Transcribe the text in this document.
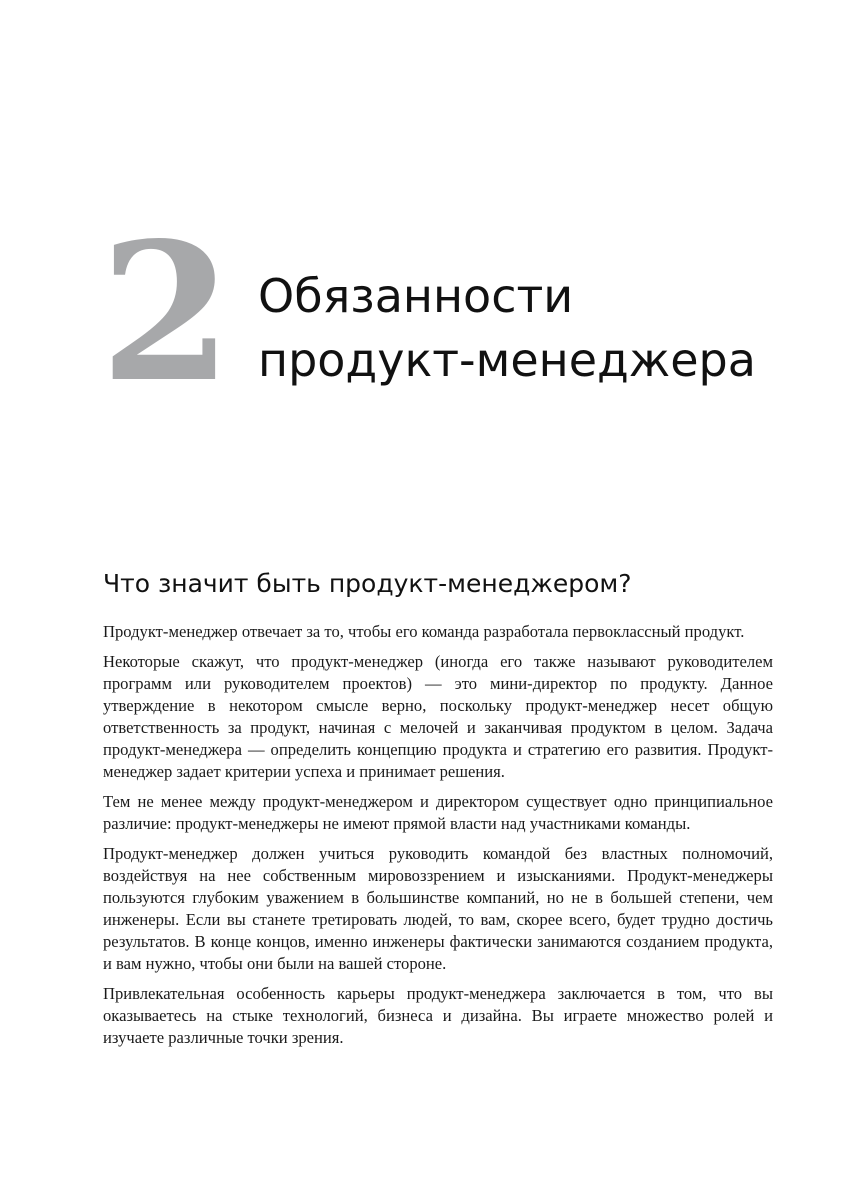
2 Обязанности
продукт-менеджера
Что значит быть продукт-менеджером?

Продукт-менеджер отвечает за то, чтобы его команда разработала первоклассный продукт.

Некоторые скажут, что продукт-менеджер (иногда его также называют руководителем программ или руководителем проектов) — это мини-директор по продукту. Данное утверждение в некотором смысле верно, поскольку продукт-менеджер несет общую ответственность за продукт, начиная с мелочей и заканчивая продуктом в целом. Задача продукт-менеджера — определить концепцию продукта и стратегию его развития. Продукт-менеджер задает критерии успеха и принимает решения.

Тем не менее между продукт-менеджером и директором существует одно принципиальное различие: продукт-менеджеры не имеют прямой власти над участниками команды.

Продукт-менеджер должен учиться руководить командой без властных полномочий, воздействуя на нее собственным мировоззрением и изысканиями. Продукт-менеджеры пользуются глубоким уважением в большинстве компаний, но не в большей степени, чем инженеры. Если вы станете третировать людей, то вам, скорее всего, будет трудно достичь результатов. В конце концов, именно инженеры фактически занимаются созданием продукта, и вам нужно, чтобы они были на вашей стороне.

Привлекательная особенность карьеры продукт-менеджера заключается в том, что вы оказываетесь на стыке технологий, бизнеса и дизайна. Вы играете множество ролей и изучаете различные точки зрения.
